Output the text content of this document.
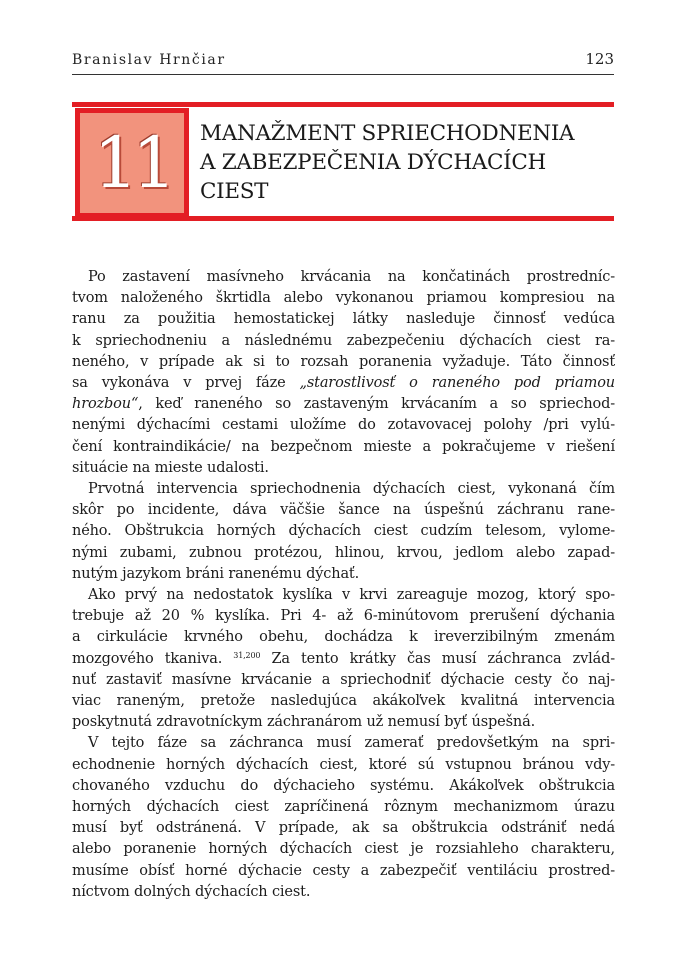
Branislav Hrnčiar	123
11	MANAŽMENT SPRIECHODNENIA
A ZABEZPEČENIA DÝCHACÍCH
CIEST

Po zastavení masívneho krvácania na končatinách prostredníc-
tvom naloženého škrtidla alebo vykonanou priamou kompresiou na
ranu za použitia hemostatickej látky nasleduje činnosť vedúca
k spriechodneniu a následnému zabezpečeniu dýchacích ciest ra-
neného, v prípade ak si to rozsah poranenia vyžaduje. Táto činnosť
sa vykonáva v prvej fáze „starostlivosť o raneného pod priamou
hrozbou“, keď raneného so zastaveným krvácaním a so spriechod-
nenými dýchacími cestami uložíme do zotavovacej polohy /pri vylú-
čení kontraindikácie/ na bezpečnom mieste a pokračujeme v riešení
situácie na mieste udalosti.

Prvotná intervencia spriechodnenia dýchacích ciest, vykonaná čím
skôr po incidente, dáva väčšie šance na úspešnú záchranu rane-
ného. Obštrukcia horných dýchacích ciest cudzím telesom, vylome-
nými zubami, zubnou protézou, hlinou, krvou, jedlom alebo zapad-
nutým jazykom bráni ranenému dýchať.

Ako prvý na nedostatok kyslíka v krvi zareaguje mozog, ktorý spo-
trebuje až 20 % kyslíka. Pri 4- až 6-minútovom prerušení dýchania
a cirkulácie krvného obehu, dochádza k ireverzibilným zmenám
mozgového tkaniva. $^{31,200}$ Za tento krátky čas musí záchranca zvlád-
nuť zastaviť masívne krvácanie a spriechodniť dýchacie cesty čo naj-
viac raneným, pretože nasledujúca akákoľvek kvalitná intervencia
poskytnutá zdravotníckym záchranárom už nemusí byť úspešná.

V tejto fáze sa záchranca musí zamerať predovšetkým na spri-
echodnenie horných dýchacích ciest, ktoré sú vstupnou bránou vdy-
chovaného vzduchu do dýchacieho systému. Akákoľvek obštrukcia
horných dýchacích ciest zapríčinená rôznym mechanizmom úrazu
musí byť odstránená. V prípade, ak sa obštrukcia odstrániť nedá
alebo poranenie horných dýchacích ciest je rozsiahleho charakteru,
musíme obísť horné dýchacie cesty a zabezpečiť ventiláciu prostred-
níctvom dolných dýchacích ciest.
